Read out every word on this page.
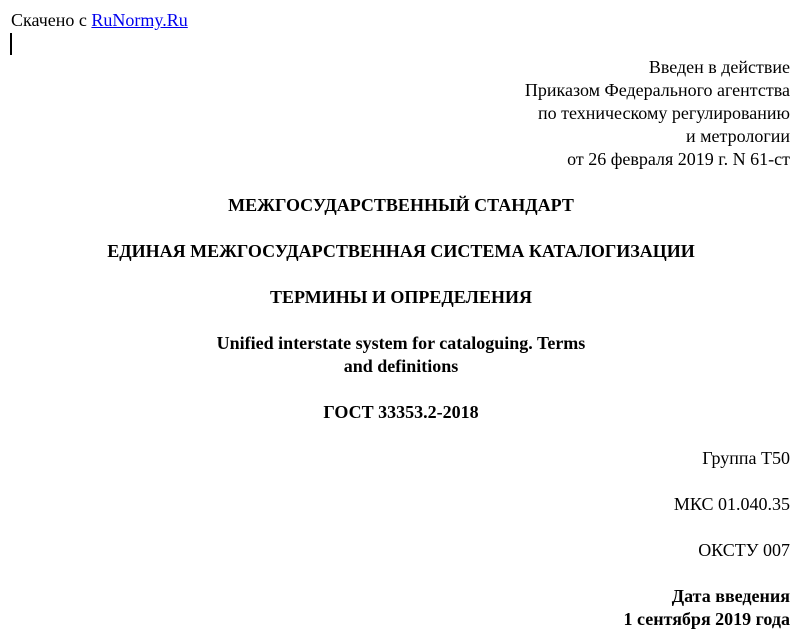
Скачено с RuNormy.Ru
Введен в действие
Приказом Федерального агентства
по техническому регулированию
и метрологии
от 26 февраля 2019 г. N 61-ст
МЕЖГОСУДАРСТВЕННЫЙ СТАНДАРТ
ЕДИНАЯ МЕЖГОСУДАРСТВЕННАЯ СИСТЕМА КАТАЛОГИЗАЦИИ
ТЕРМИНЫ И ОПРЕДЕЛЕНИЯ
Unified interstate system for cataloguing. Terms
and definitions
ГОСТ 33353.2-2018
Группа Т50
МКС 01.040.35
ОКСТУ 007
Дата введения
1 сентября 2019 года
